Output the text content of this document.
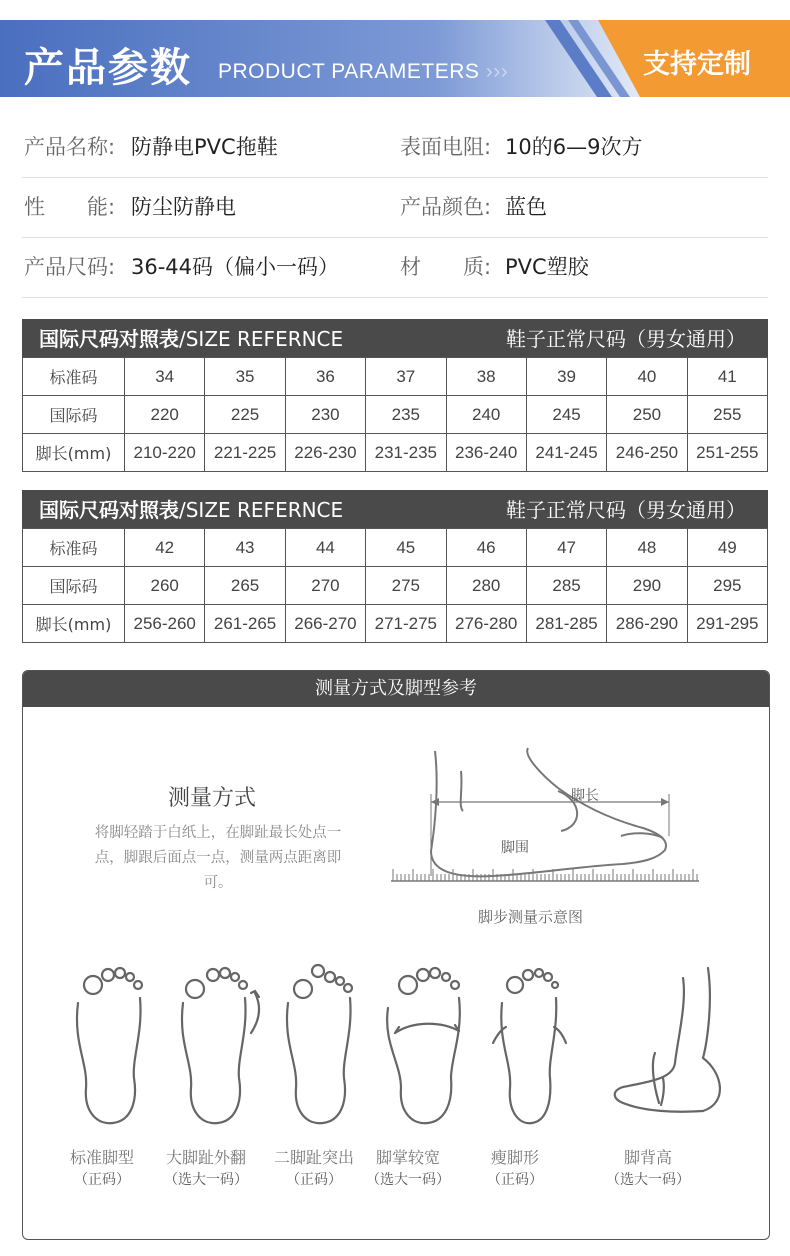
产品参数 PRODUCT PARAMETERS ›››	支持定制
产品名称: 防静电PVC拖鞋	表面电阻: 10的6—9次方
性　　能: 防尘防静电	产品颜色: 蓝色
产品尺码: 36-44码（偏小一码）	材　　质: PVC塑胶
国际尺码对照表/SIZE REFERNCE	鞋子正常尺码（男女通用）
标准码	34	35	36	37	38	39	40	41
国际码	220	225	230	235	240	245	250	255
脚长(mm)	210-220	221-225	226-230	231-235	236-240	241-245	246-250	251-255
国际尺码对照表/SIZE REFERNCE	鞋子正常尺码（男女通用）
标准码	42	43	44	45	46	47	48	49
国际码	260	265	270	275	280	285	290	295
脚长(mm)	256-260	261-265	266-270	271-275	276-280	281-285	286-290	291-295
测量方式及脚型参考
测量方式
将脚轻踏于白纸上，在脚趾最长处点一点，脚跟后面点一点，测量两点距离即可。
脚长
脚围
脚步测量示意图
标准脚型
（正码）
大脚趾外翻
（选大一码）
二脚趾突出
（正码）
脚掌较宽
（选大一码）
瘦脚形
（正码）
脚背高
（选大一码）
